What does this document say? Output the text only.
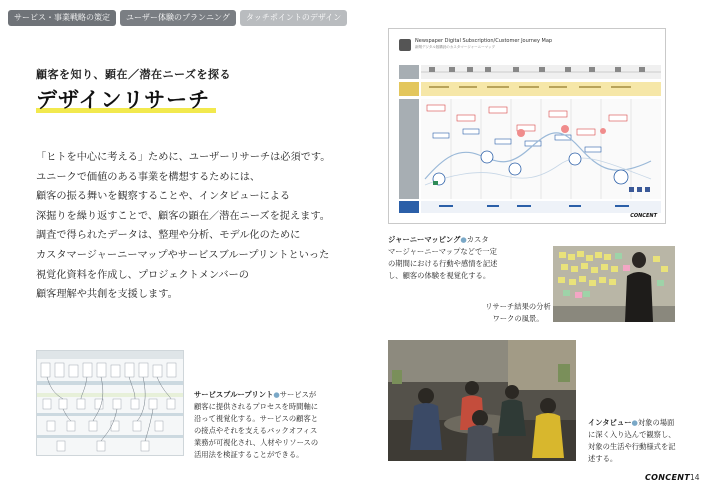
サービス・事業戦略の策定	ユーザー体験のプランニング	タッチポイントのデザイン
顧客を知り、顕在／潜在ニーズを探る
デザインリサーチ
「ヒトを中心に考える」ために、ユーザーリサーチは必須です。
ユニークで価値のある事業を構想するためには、
顧客の振る舞いを観察することや、インタビューによる
深掘りを繰り返すことで、顧客の顕在／潜在ニーズを捉えます。
調査で得られたデータは、整理や分析、モデル化のために
カスタマージャーニーマップやサービスブループリントといった
視覚化資料を作成し、プロジェクトメンバーの
顧客理解や共創を支援します。
Newspaper Digital Subscription/Customer Journey Map
新聞デジタル版購読のカスタマージャーニーマップ
CONCENT
ジャーニーマッピング●カスタ
マージャーニーマップなどで一定
の期間における行動や感情を記述
し、顧客の体験を視覚化する。
リサーチ結果の分析
ワークの風景。
サービスブループリント●サービスが
顧客に提供されるプロセスを時間軸に
沿って視覚化する。サービスの顧客と
の接点やそれを支えるバックオフィス
業務が可視化され、人材やリソースの
活用法を検証することができる。
インタビュー●対象の場面
に深く入り込んで観察し、
対象の生活や行動様式を記
述する。
CONCENT 14
